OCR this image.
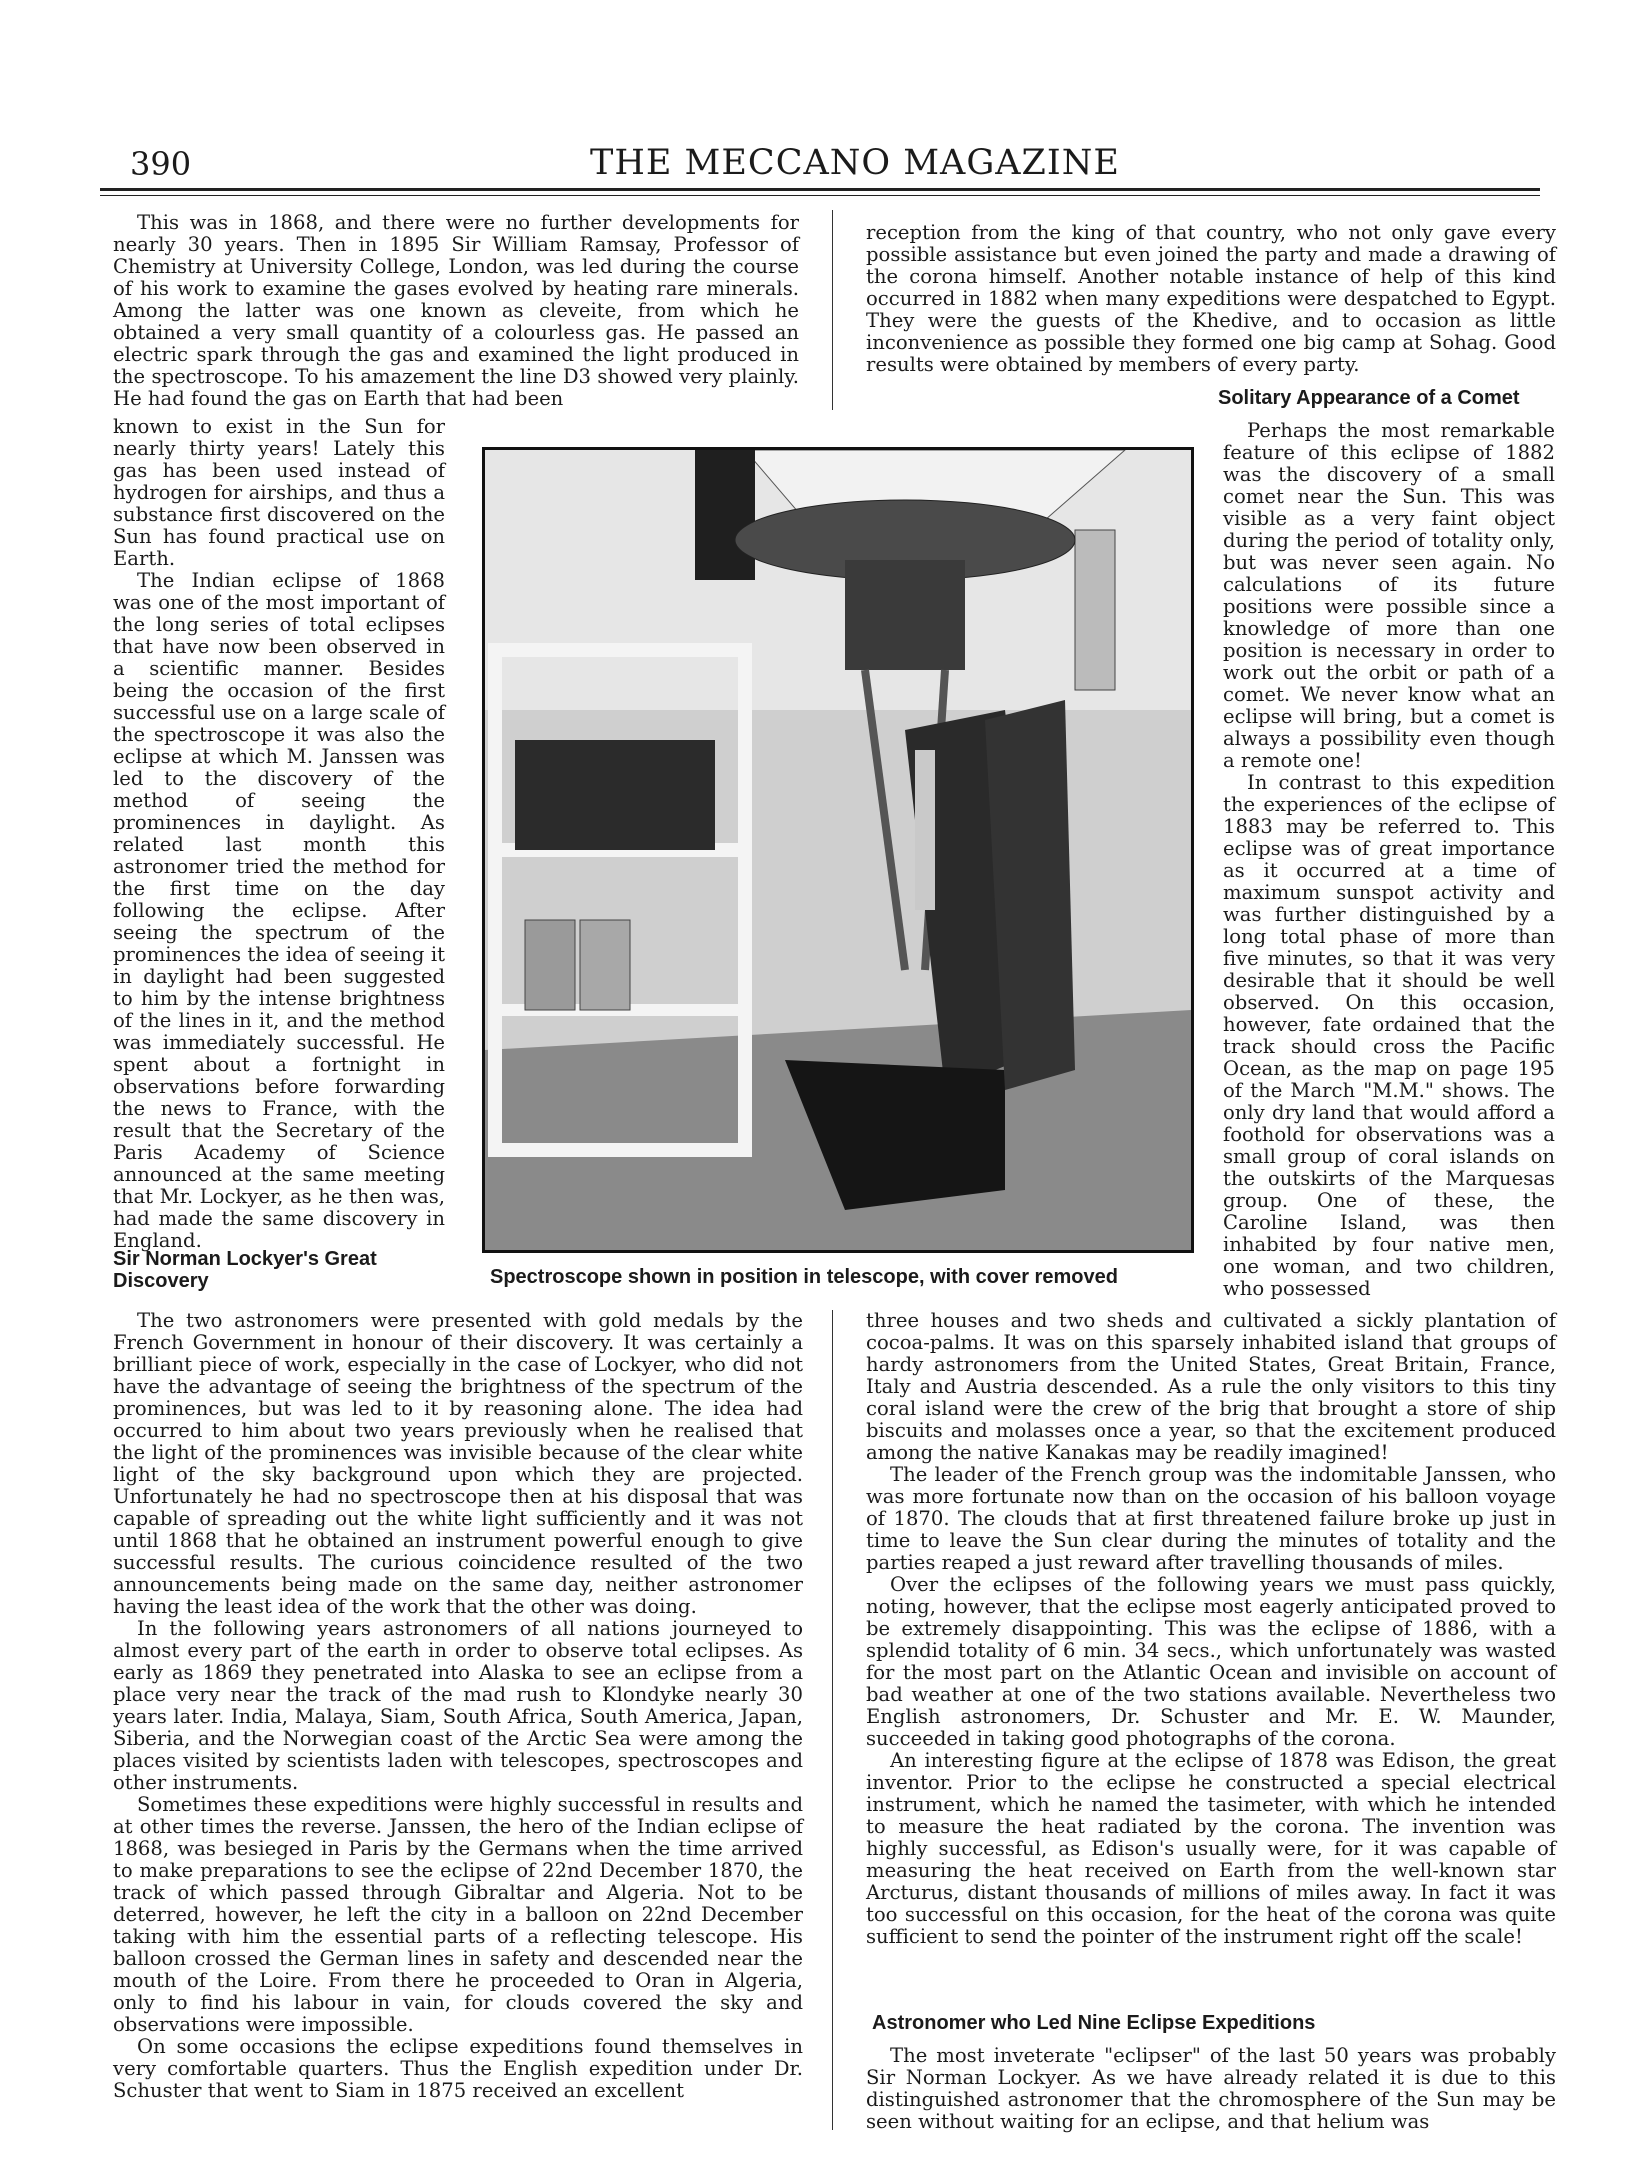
390	THE MECCANO MAGAZINE

This was in 1868, and there were no further developments for nearly 30 years. Then in 1895 Sir William Ramsay, Professor of Chemistry at University College, London, was led during the course of his work to examine the gases evolved by heating rare minerals. Among the latter was one known as cleveite, from which he obtained a very small quantity of a colourless gas. He passed an electric spark through the gas and examined the light produced in the spectroscope. To his amazement the line D3 showed very plainly. He had found the gas on Earth that had been

known to exist in the Sun for nearly thirty years! Lately this gas has been used instead of hydrogen for airships, and thus a substance first discovered on the Sun has found practical use on Earth.

The Indian eclipse of 1868 was one of the most important of the long series of total eclipses that have now been observed in a scientific manner. Besides being the occasion of the first successful use on a large scale of the spectroscope it was also the eclipse at which M. Janssen was led to the discovery of the method of seeing the prominences in daylight. As related last month this astronomer tried the method for the first time on the day following the eclipse. After seeing the spectrum of the prominences the idea of seeing it in daylight had been suggested to him by the intense brightness of the lines in it, and the method was immediately successful. He spent about a fortnight in observations before forwarding the news to France, with the result that the Secretary of the Paris Academy of Science announced at the same meeting that Mr. Lockyer, as he then was, had made the same discovery in England.

Sir Norman Lockyer's Great Discovery

The two astronomers were presented with gold medals by the French Government in honour of their discovery. It was certainly a brilliant piece of work, especially in the case of Lockyer, who did not have the advantage of seeing the brightness of the spectrum of the prominences, but was led to it by reasoning alone. The idea had occurred to him about two years previously when he realised that the light of the prominences was invisible because of the clear white light of the sky background upon which they are projected. Unfortunately he had no spectroscope then at his disposal that was capable of spreading out the white light sufficiently and it was not until 1868 that he obtained an instrument powerful enough to give successful results. The curious coincidence resulted of the two announcements being made on the same day, neither astronomer having the least idea of the work that the other was doing.

In the following years astronomers of all nations journeyed to almost every part of the earth in order to observe total eclipses. As early as 1869 they penetrated into Alaska to see an eclipse from a place very near the track of the mad rush to Klondyke nearly 30 years later. India, Malaya, Siam, South Africa, South America, Japan, Siberia, and the Norwegian coast of the Arctic Sea were among the places visited by scientists laden with telescopes, spectroscopes and other instruments.

Sometimes these expeditions were highly successful in results and at other times the reverse. Janssen, the hero of the Indian eclipse of 1868, was besieged in Paris by the Germans when the time arrived to make preparations to see the eclipse of 22nd December 1870, the track of which passed through Gibraltar and Algeria. Not to be deterred, however, he left the city in a balloon on 22nd December taking with him the essential parts of a reflecting telescope. His balloon crossed the German lines in safety and descended near the mouth of the Loire. From there he proceeded to Oran in Algeria, only to find his labour in vain, for clouds covered the sky and observations were impossible.

On some occasions the eclipse expeditions found themselves in very comfortable quarters. Thus the English expedition under Dr. Schuster that went to Siam in 1875 received an excellent

reception from the king of that country, who not only gave every possible assistance but even joined the party and made a drawing of the corona himself. Another notable instance of help of this kind occurred in 1882 when many expeditions were despatched to Egypt. They were the guests of the Khedive, and to occasion as little inconvenience as possible they formed one big camp at Sohag. Good results were obtained by members of every party.

Solitary Appearance of a Comet

Perhaps the most remarkable feature of this eclipse of 1882 was the discovery of a small comet near the Sun. This was visible as a very faint object during the period of totality only, but was never seen again. No calculations of its future positions were possible since a knowledge of more than one position is necessary in order to work out the orbit or path of a comet. We never know what an eclipse will bring, but a comet is always a possibility even though a remote one!

In contrast to this expedition the experiences of the eclipse of 1883 may be referred to. This eclipse was of great importance as it occurred at a time of maximum sunspot activity and was further distinguished by a long total phase of more than five minutes, so that it was very desirable that it should be well observed. On this occasion, however, fate ordained that the track should cross the Pacific Ocean, as the map on page 195 of the March "M.M." shows. The only dry land that would afford a foothold for observations was a small group of coral islands on the outskirts of the Marquesas group. One of these, the Caroline Island, was then inhabited by four native men, one woman, and two children, who possessed

three houses and two sheds and cultivated a sickly plantation of cocoa-palms. It was on this sparsely inhabited island that groups of hardy astronomers from the United States, Great Britain, France, Italy and Austria descended. As a rule the only visitors to this tiny coral island were the crew of the brig that brought a store of ship biscuits and molasses once a year, so that the excitement produced among the native Kanakas may be readily imagined!

The leader of the French group was the indomitable Janssen, who was more fortunate now than on the occasion of his balloon voyage of 1870. The clouds that at first threatened failure broke up just in time to leave the Sun clear during the minutes of totality and the parties reaped a just reward after travelling thousands of miles.

Over the eclipses of the following years we must pass quickly, noting, however, that the eclipse most eagerly anticipated proved to be extremely disappointing. This was the eclipse of 1886, with a splendid totality of 6 min. 34 secs., which unfortunately was wasted for the most part on the Atlantic Ocean and invisible on account of bad weather at one of the two stations available. Nevertheless two English astronomers, Dr. Schuster and Mr. E. W. Maunder, succeeded in taking good photographs of the corona.

An interesting figure at the eclipse of 1878 was Edison, the great inventor. Prior to the eclipse he constructed a special electrical instrument, which he named the tasimeter, with which he intended to measure the heat radiated by the corona. The invention was highly successful, as Edison's usually were, for it was capable of measuring the heat received on Earth from the well-known star Arcturus, distant thousands of millions of miles away. In fact it was too successful on this occasion, for the heat of the corona was quite sufficient to send the pointer of the instrument right off the scale!

Astronomer who Led Nine Eclipse Expeditions

The most inveterate "eclipser" of the last 50 years was probably Sir Norman Lockyer. As we have already related it is due to this distinguished astronomer that the chromosphere of the Sun may be seen without waiting for an eclipse, and that helium was

Spectroscope shown in position in telescope, with cover removed
